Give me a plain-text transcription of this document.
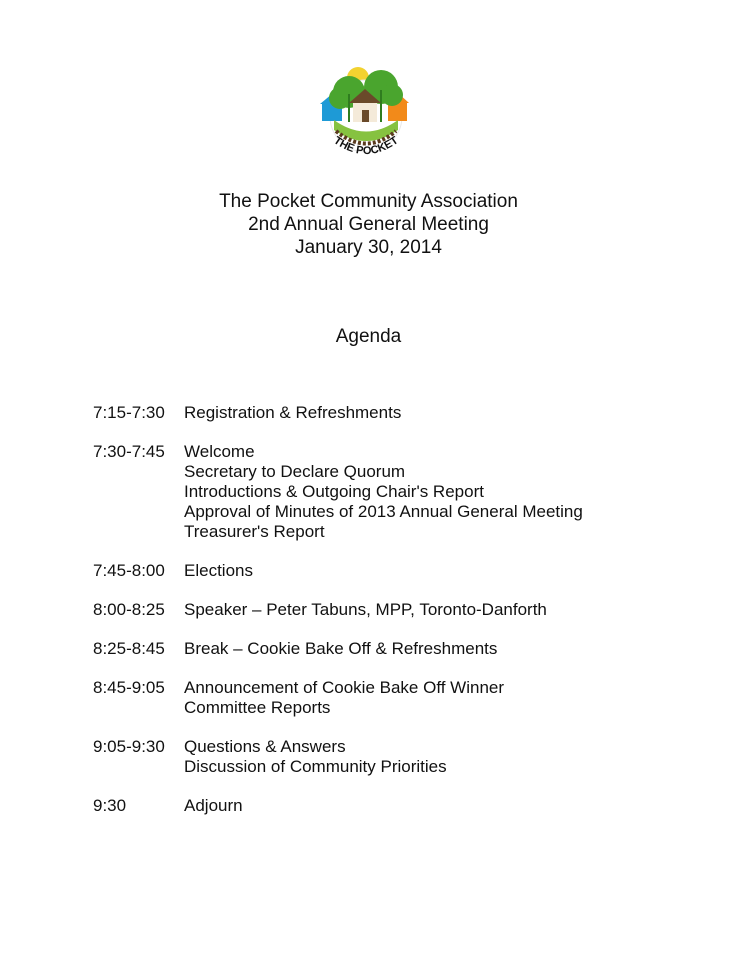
THE POCKET
The Pocket Community Association
2nd Annual General Meeting
January 30, 2014
Agenda
7:15-7:30	Registration & Refreshments
7:30-7:45	Welcome
Secretary to Declare Quorum
Introductions & Outgoing Chair's Report
Approval of Minutes of 2013 Annual General Meeting
Treasurer's Report
7:45-8:00	Elections
8:00-8:25	Speaker – Peter Tabuns, MPP, Toronto-Danforth
8:25-8:45	Break – Cookie Bake Off & Refreshments
8:45-9:05	Announcement of Cookie Bake Off Winner
Committee Reports
9:05-9:30	Questions & Answers
Discussion of Community Priorities
9:30	Adjourn
